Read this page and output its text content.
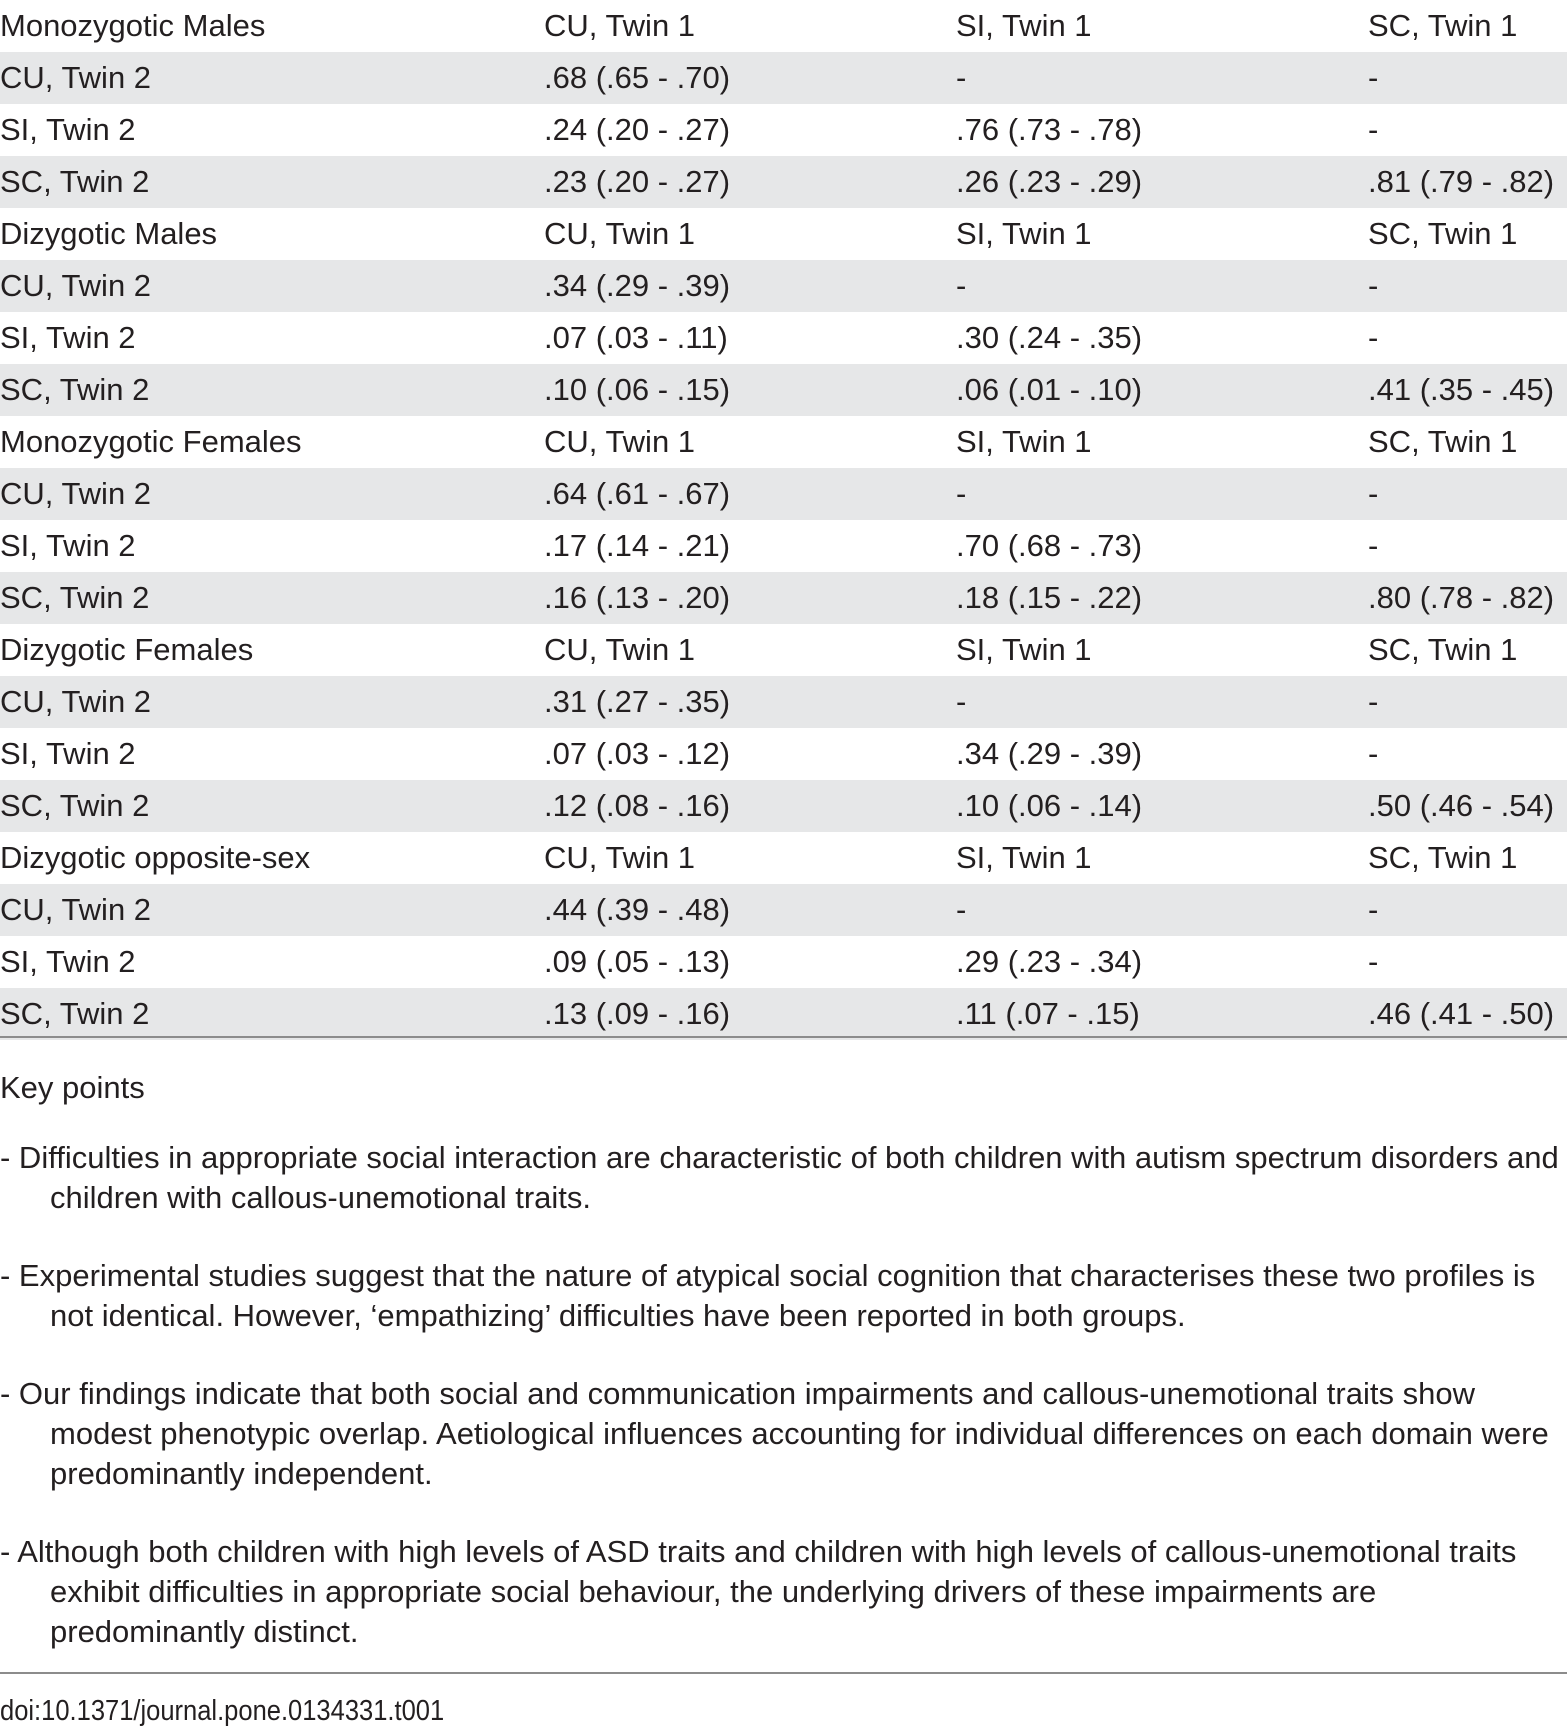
Monozygotic Males	CU, Twin 1	SI, Twin 1	SC, Twin 1
CU, Twin 2	.68 (.65 - .70)	-	-
SI, Twin 2	.24 (.20 - .27)	.76 (.73 - .78)	-
SC, Twin 2	.23 (.20 - .27)	.26 (.23 - .29)	.81 (.79 - .82)
Dizygotic Males	CU, Twin 1	SI, Twin 1	SC, Twin 1
CU, Twin 2	.34 (.29 - .39)	-	-
SI, Twin 2	.07 (.03 - .11)	.30 (.24 - .35)	-
SC, Twin 2	.10 (.06 - .15)	.06 (.01 - .10)	.41 (.35 - .45)
Monozygotic Females	CU, Twin 1	SI, Twin 1	SC, Twin 1
CU, Twin 2	.64 (.61 - .67)	-	-
SI, Twin 2	.17 (.14 - .21)	.70 (.68 - .73)	-
SC, Twin 2	.16 (.13 - .20)	.18 (.15 - .22)	.80 (.78 - .82)
Dizygotic Females	CU, Twin 1	SI, Twin 1	SC, Twin 1
CU, Twin 2	.31 (.27 - .35)	-	-
SI, Twin 2	.07 (.03 - .12)	.34 (.29 - .39)	-
SC, Twin 2	.12 (.08 - .16)	.10 (.06 - .14)	.50 (.46 - .54)
Dizygotic opposite-sex	CU, Twin 1	SI, Twin 1	SC, Twin 1
CU, Twin 2	.44 (.39 - .48)	-	-
SI, Twin 2	.09 (.05 - .13)	.29 (.23 - .34)	-
SC, Twin 2	.13 (.09 - .16)	.11 (.07 - .15)	.46 (.41 - .50)
Key points
- Difficulties in appropriate social interaction are characteristic of both children with autism spectrum disorders and children with callous-unemotional traits.
- Experimental studies suggest that the nature of atypical social cognition that characterises these two profiles is not identical. However, ‘empathizing’ difficulties have been reported in both groups.
- Our findings indicate that both social and communication impairments and callous-unemotional traits show modest phenotypic overlap. Aetiological influences accounting for individual differences on each domain were predominantly independent.
- Although both children with high levels of ASD traits and children with high levels of callous-unemotional traits exhibit difficulties in appropriate social behaviour, the underlying drivers of these impairments are predominantly distinct.
doi:10.1371/journal.pone.0134331.t001
